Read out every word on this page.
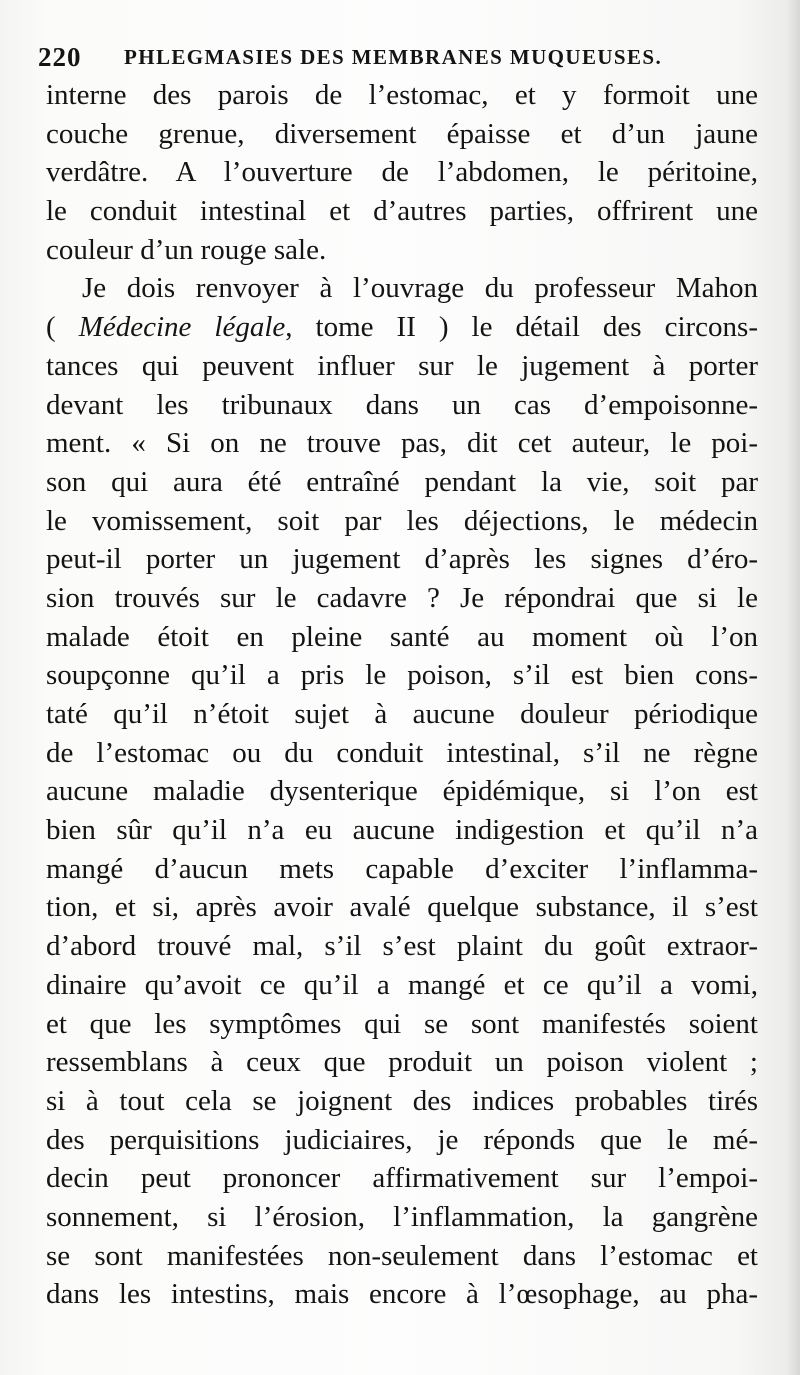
220 PHLEGMASIES DES MEMBRANES MUQUEUSES.
interne des parois de l’estomac, et y formoit une
couche grenue, diversement épaisse et d’un jaune
verdâtre. A l’ouverture de l’abdomen, le péritoine,
le conduit intestinal et d’autres parties, offrirent une
couleur d’un rouge sale.
Je dois renvoyer à l’ouvrage du professeur Mahon
( Médecine légale, tome II ) le détail des circons-
tances qui peuvent influer sur le jugement à porter
devant les tribunaux dans un cas d’empoisonne-
ment. « Si on ne trouve pas, dit cet auteur, le poi-
son qui aura été entraîné pendant la vie, soit par
le vomissement, soit par les déjections, le médecin
peut-il porter un jugement d’après les signes d’éro-
sion trouvés sur le cadavre ? Je répondrai que si le
malade étoit en pleine santé au moment où l’on
soupçonne qu’il a pris le poison, s’il est bien cons-
taté qu’il n’étoit sujet à aucune douleur périodique
de l’estomac ou du conduit intestinal, s’il ne règne
aucune maladie dysenterique épidémique, si l’on est
bien sûr qu’il n’a eu aucune indigestion et qu’il n’a
mangé d’aucun mets capable d’exciter l’inflamma-
tion, et si, après avoir avalé quelque substance, il s’est
d’abord trouvé mal, s’il s’est plaint du goût extraor-
dinaire qu’avoit ce qu’il a mangé et ce qu’il a vomi,
et que les symptômes qui se sont manifestés soient
ressemblans à ceux que produit un poison violent ;
si à tout cela se joignent des indices probables tirés
des perquisitions judiciaires, je réponds que le mé-
decin peut prononcer affirmativement sur l’empoi-
sonnement, si l’érosion, l’inflammation, la gangrène
se sont manifestées non-seulement dans l’estomac et
dans les intestins, mais encore à l’œsophage, au pha-
